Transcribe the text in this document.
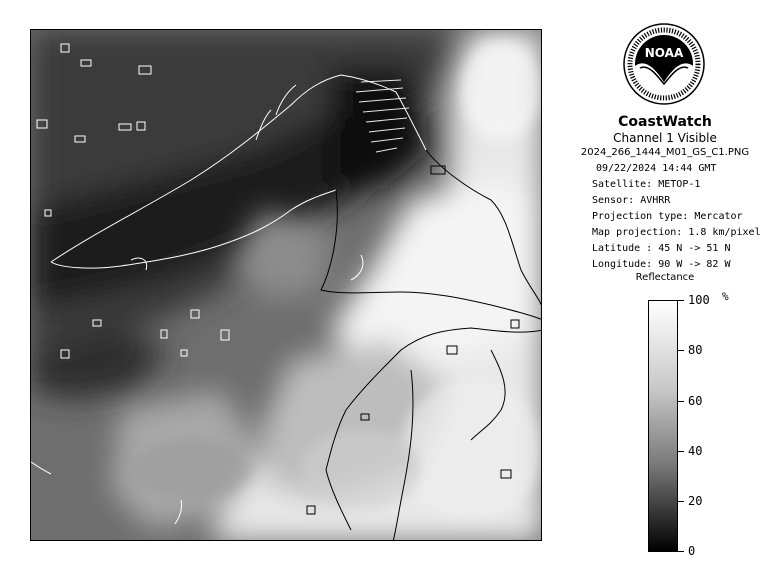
NOAA
CoastWatch
Channel 1 Visible
2024_266_1444_M01_GS_C1.PNG
09/22/2024 14:44 GMT
Satellite: METOP-1
Sensor: AVHRR
Projection type: Mercator
Map projection: 1.8 km/pixel
Latitude : 45 N -> 51 N
Longitude: 90 W -> 82 W
Reflectance
%
100
80
60
40
20
0
